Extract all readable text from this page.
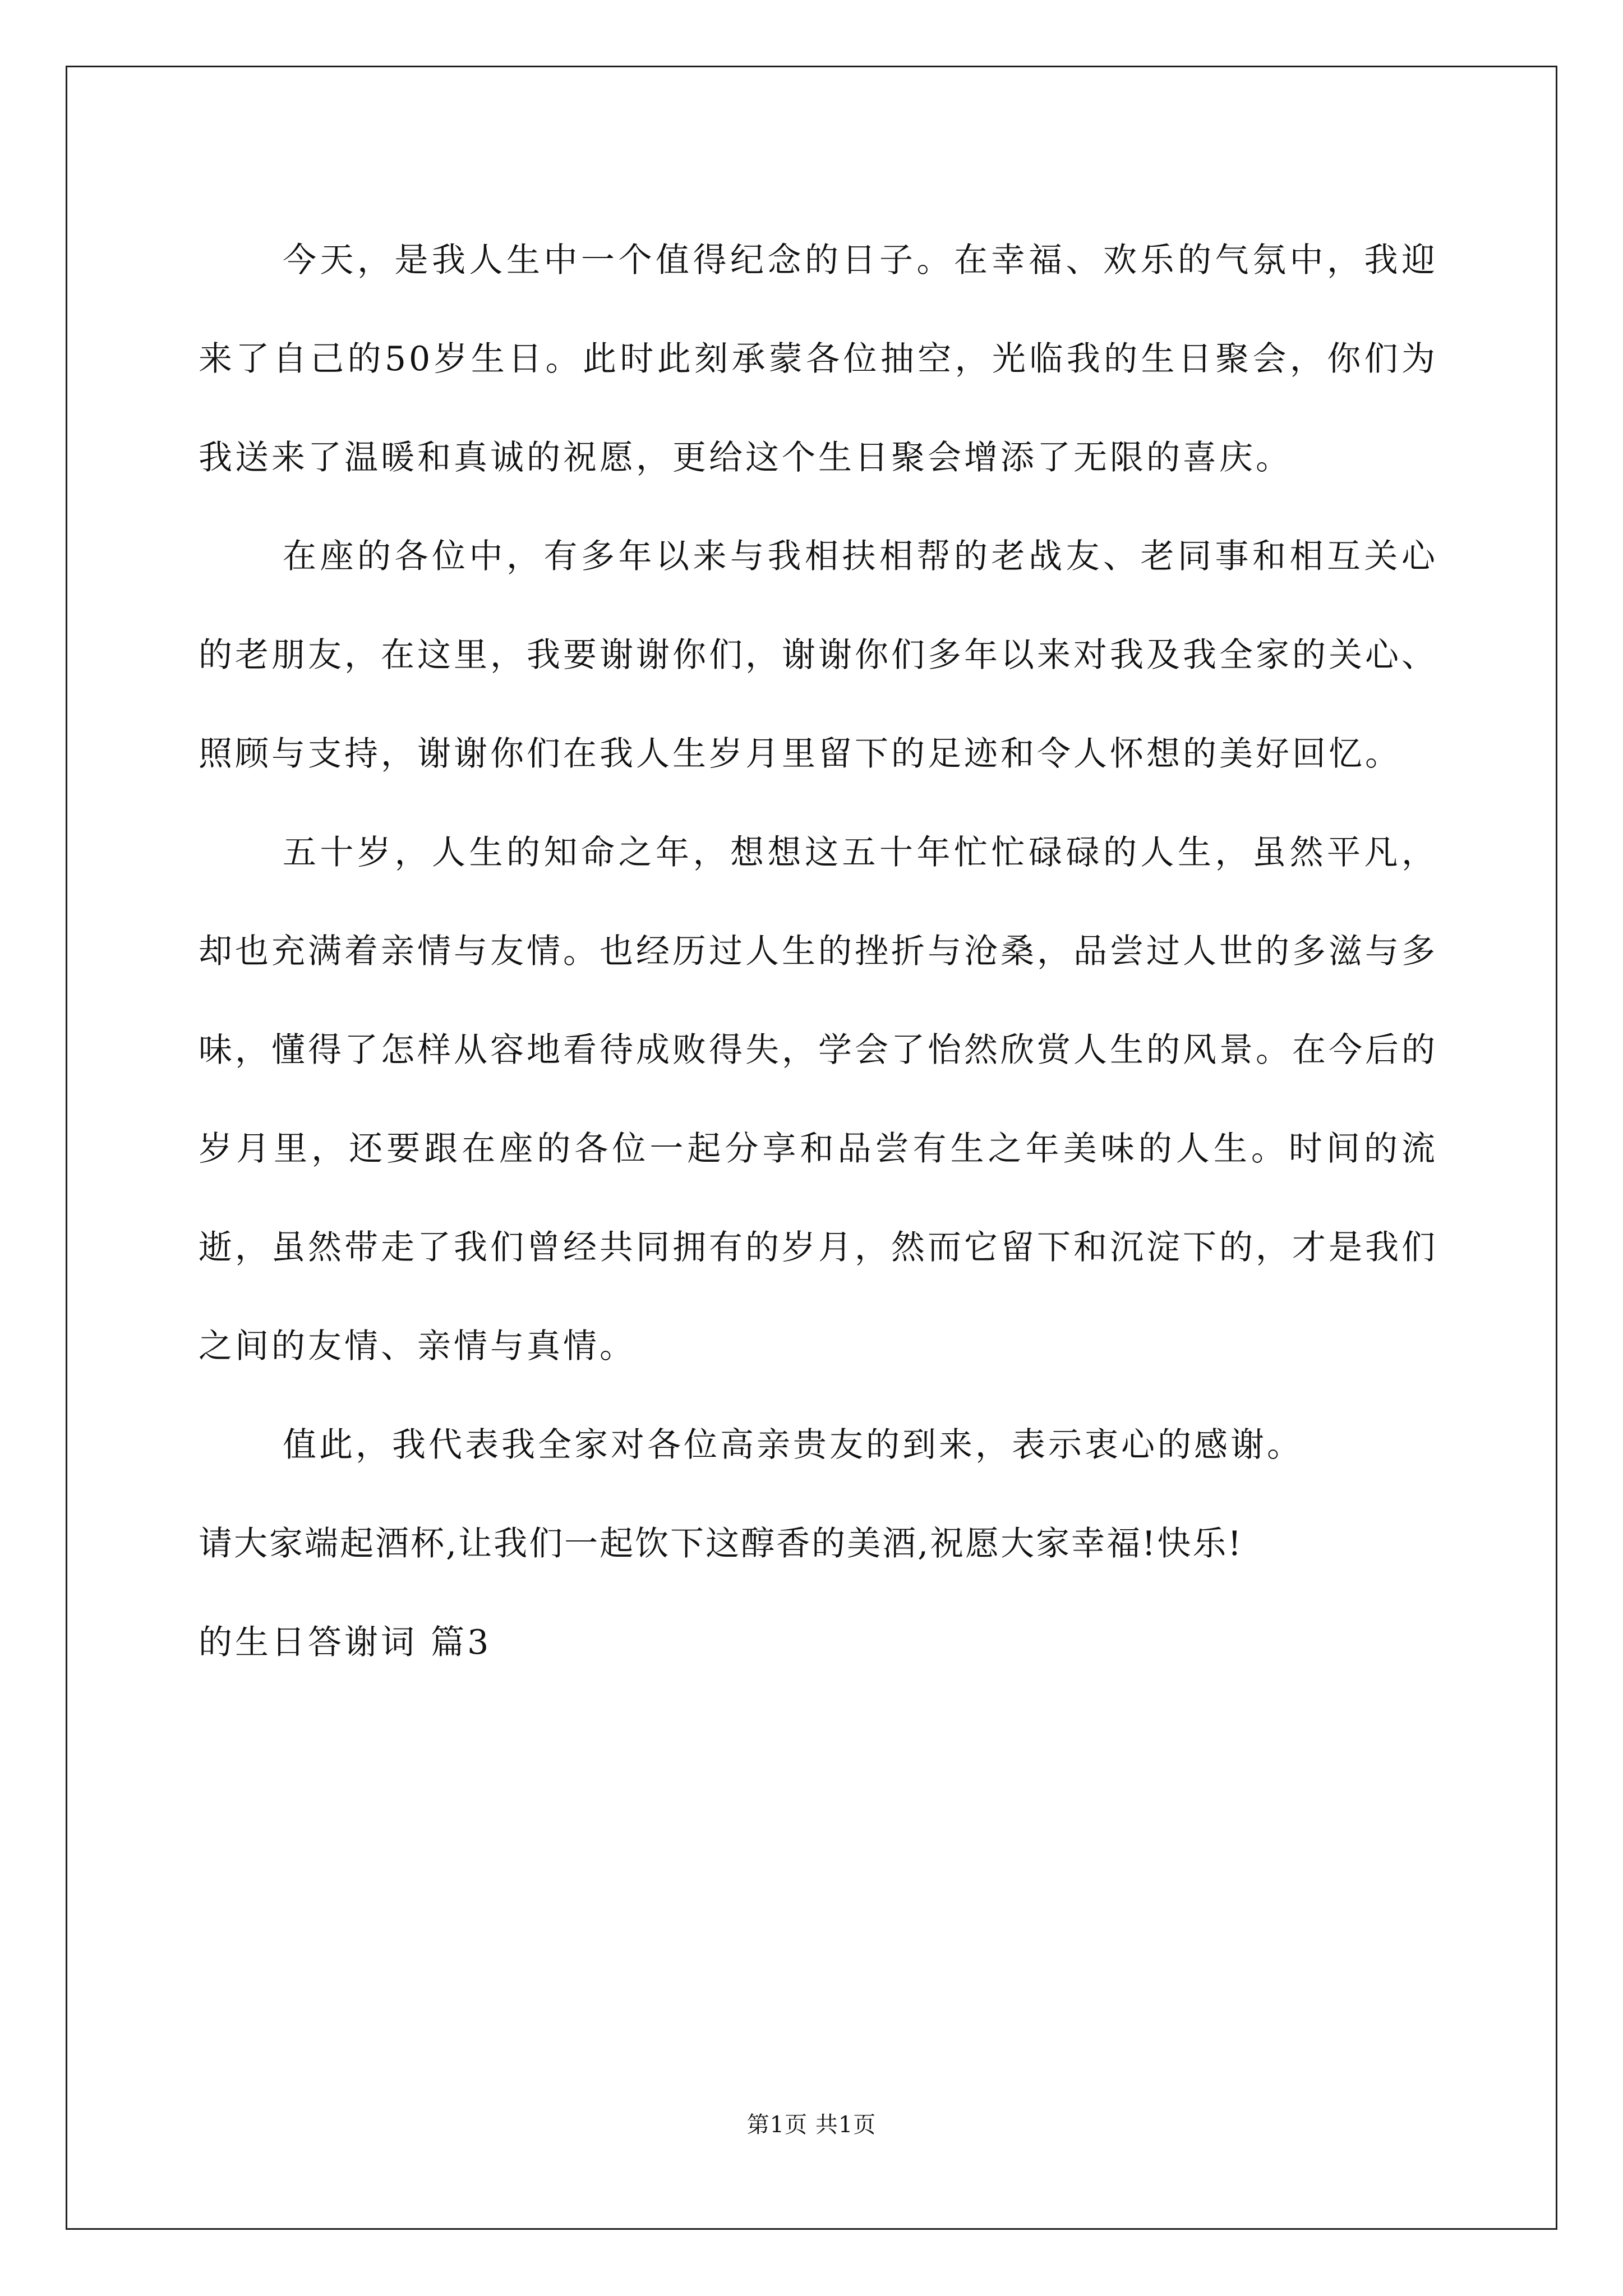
今天，是我人生中一个值得纪念的日子。在幸福、欢乐的气氛中，我迎来了自己的50岁生日。此时此刻承蒙各位抽空，光临我的生日聚会，你们为我送来了温暖和真诚的祝愿，更给这个生日聚会增添了无限的喜庆。

在座的各位中，有多年以来与我相扶相帮的老战友、老同事和相互关心的老朋友，在这里，我要谢谢你们，谢谢你们多年以来对我及我全家的关心、照顾与支持，谢谢你们在我人生岁月里留下的足迹和令人怀想的美好回忆。

五十岁，人生的知命之年，想想这五十年忙忙碌碌的人生，虽然平凡，却也充满着亲情与友情。也经历过人生的挫折与沧桑，品尝过人世的多滋与多味，懂得了怎样从容地看待成败得失，学会了怡然欣赏人生的风景。在今后的岁月里，还要跟在座的各位一起分享和品尝有生之年美味的人生。时间的流逝，虽然带走了我们曾经共同拥有的岁月，然而它留下和沉淀下的，才是我们之间的友情、亲情与真情。

值此，我代表我全家对各位高亲贵友的到来，表示衷心的感谢。

请大家端起酒杯,让我们一起饮下这醇香的美酒,祝愿大家幸福!快乐!

的生日答谢词 篇3

第1页 共1页
